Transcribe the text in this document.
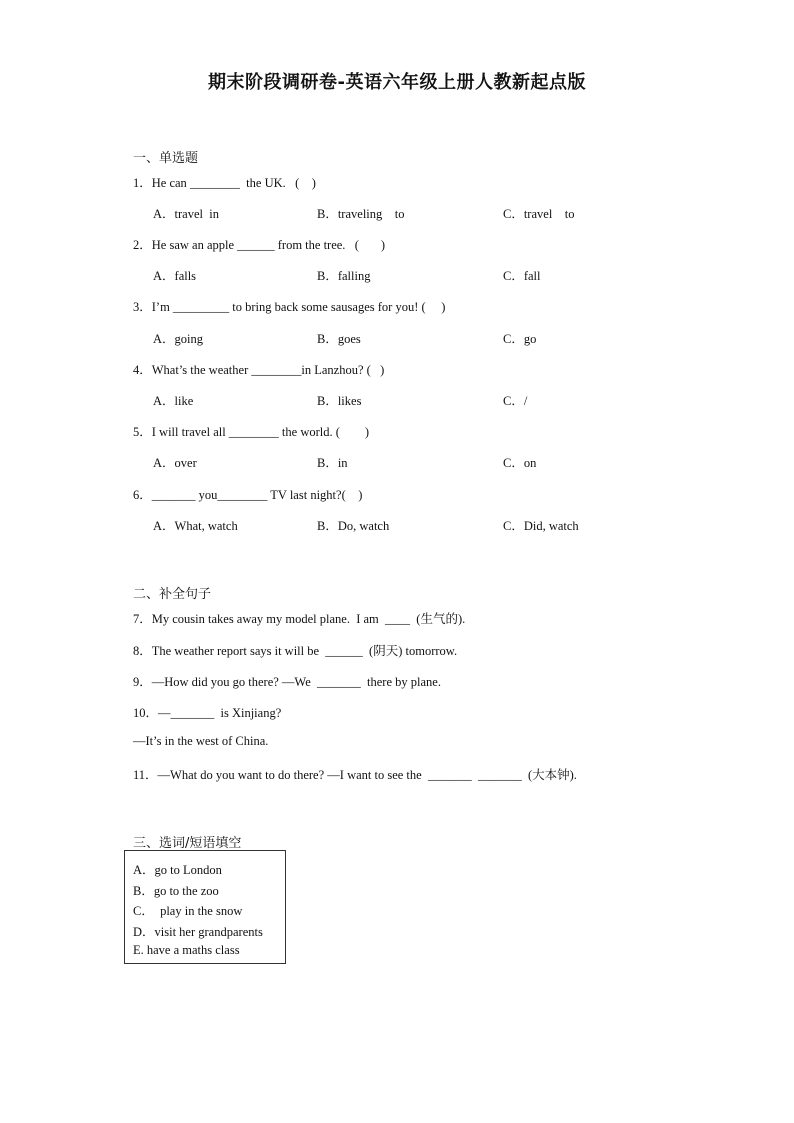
期末阶段调研卷-英语六年级上册人教新起点版
一、单选题
1．He can ________  the UK.   (    )
A．travel  in	B．traveling    to	C．travel    to
2．He saw an apple ______ from the tree.   (       )
A．falls	B．falling	C．fall
3．I’m _________ to bring back some sausages for you! (     )
A．going	B．goes	C．go
4．What’s the weather ________in Lanzhou? (   )
A．like	B．likes	C．/
5．I will travel all ________ the world. (        )
A．over	B．in	C．on
6．_______ you________ TV last night?(    )
A．What, watch	B．Do, watch	C．Did, watch
二、补全句子
7．My cousin takes away my model plane.  I am  ____  (生气的).
8．The weather report says it will be  ______  (阴天) tomorrow.
9．—How did you go there? —We  _______  there by plane.
10．—_______  is Xinjiang?
—It’s in the west of China.
11．—What do you want to do there? —I want to see the  _______  _______  (大本钟).
三、选词/短语填空
A．go to London
B．go to the zoo
C．  play in the snow
D．visit her grandparents
E. have a maths class
